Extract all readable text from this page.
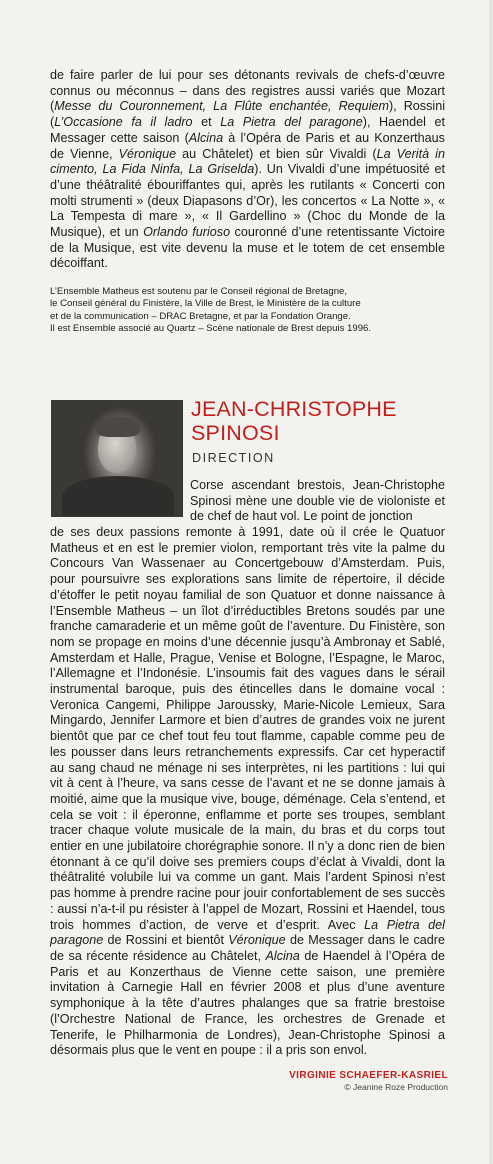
de faire parler de lui pour ses détonants revivals de chefs-d’œuvre connus ou méconnus – dans des registres aussi variés que Mozart (Messe du Couronnement, La Flûte enchantée, Requiem), Rossini (L’Occasione fa il ladro et La Pietra del paragone), Haendel et Messager cette saison (Alcina à l’Opéra de Paris et au Konzerthaus de Vienne, Véronique au Châtelet) et bien sûr Vivaldi (La Verità in cimento, La Fida Ninfa, La Griselda). Un Vivaldi d’une impétuosité et d’une théâtralité ébouriffantes qui, après les rutilants « Concerti con molti strumenti » (deux Diapasons d’Or), les concertos « La Notte », « La Tempesta di mare », « Il Gardellino » (Choc du Monde de la Musique), et un Orlando furioso couronné d’une retentissante Victoire de la Musique, est vite devenu la muse et le totem de cet ensemble décoiffant.
L’Ensemble Matheus est soutenu par le Conseil régional de Bretagne,
le Conseil général du Finistère, la Ville de Brest, le Ministère de la culture
et de la communication – DRAC Bretagne, et par la Fondation Orange.
Il est Ensemble associé au Quartz – Scène nationale de Brest depuis 1996.
JEAN-CHRISTOPHE
SPINOSI
DIRECTION
Corse ascendant brestois, Jean-Christophe Spinosi mène une double vie de violoniste et de chef de haut vol. Le point de jonction
de ses deux passions remonte à 1991, date où il crée le Quatuor Matheus et en est le premier violon, remportant très vite la palme du Concours Van Wassenaer au Concertgebouw d’Amsterdam. Puis, pour poursuivre ses explorations sans limite de répertoire, il décide d’étoffer le petit noyau familial de son Quatuor et donne naissance à l’Ensemble Matheus – un îlot d’irréductibles Bretons soudés par une franche camaraderie et un même goût de l’aventure. Du Finistère, son nom se propage en moins d’une décennie jusqu’à Ambronay et Sablé, Amsterdam et Halle, Prague, Venise et Bologne, l’Espagne, le Maroc, l’Allemagne et l’Indonésie. L’insoumis fait des vagues dans le sérail instrumental baroque, puis des étincelles dans le domaine vocal : Veronica Cangemi, Philippe Jaroussky, Marie-Nicole Lemieux, Sara Mingardo, Jennifer Larmore et bien d’autres de grandes voix ne jurent bientôt que par ce chef tout feu tout flamme, capable comme peu de les pousser dans leurs retranchements expressifs. Car cet hyperactif au sang chaud ne ménage ni ses interprètes, ni les partitions : lui qui vit à cent à l’heure, va sans cesse de l’avant et ne se donne jamais à moitié, aime que la musique vive, bouge, déménage. Cela s’entend, et cela se voit : il éperonne, enflamme et porte ses troupes, semblant tracer chaque volute musicale de la main, du bras et du corps tout entier en une jubilatoire chorégraphie sonore. Il n’y a donc rien de bien étonnant à ce qu’il doive ses premiers coups d’éclat à Vivaldi, dont la théâtralité volubile lui va comme un gant. Mais l’ardent Spinosi n’est pas homme à prendre racine pour jouir confortablement de ses succès : aussi n’a-t-il pu résister à l’appel de Mozart, Rossini et Haendel, tous trois hommes d’action, de verve et d’esprit. Avec La Pietra del paragone de Rossini et bientôt Véronique de Messager dans le cadre de sa récente résidence au Châtelet, Alcina de Haendel à l’Opéra de Paris et au Konzerthaus de Vienne cette saison, une première invitation à Carnegie Hall en février 2008 et plus d’une aventure symphonique à la tête d’autres phalanges que sa fratrie brestoise (l’Orchestre National de France, les orchestres de Grenade et Tenerife, le Philharmonia de Londres), Jean-Christophe Spinosi a désormais plus que le vent en poupe : il a pris son envol.
VIRGINIE SCHAEFER-KASRIEL
© Jeanine Roze Production
